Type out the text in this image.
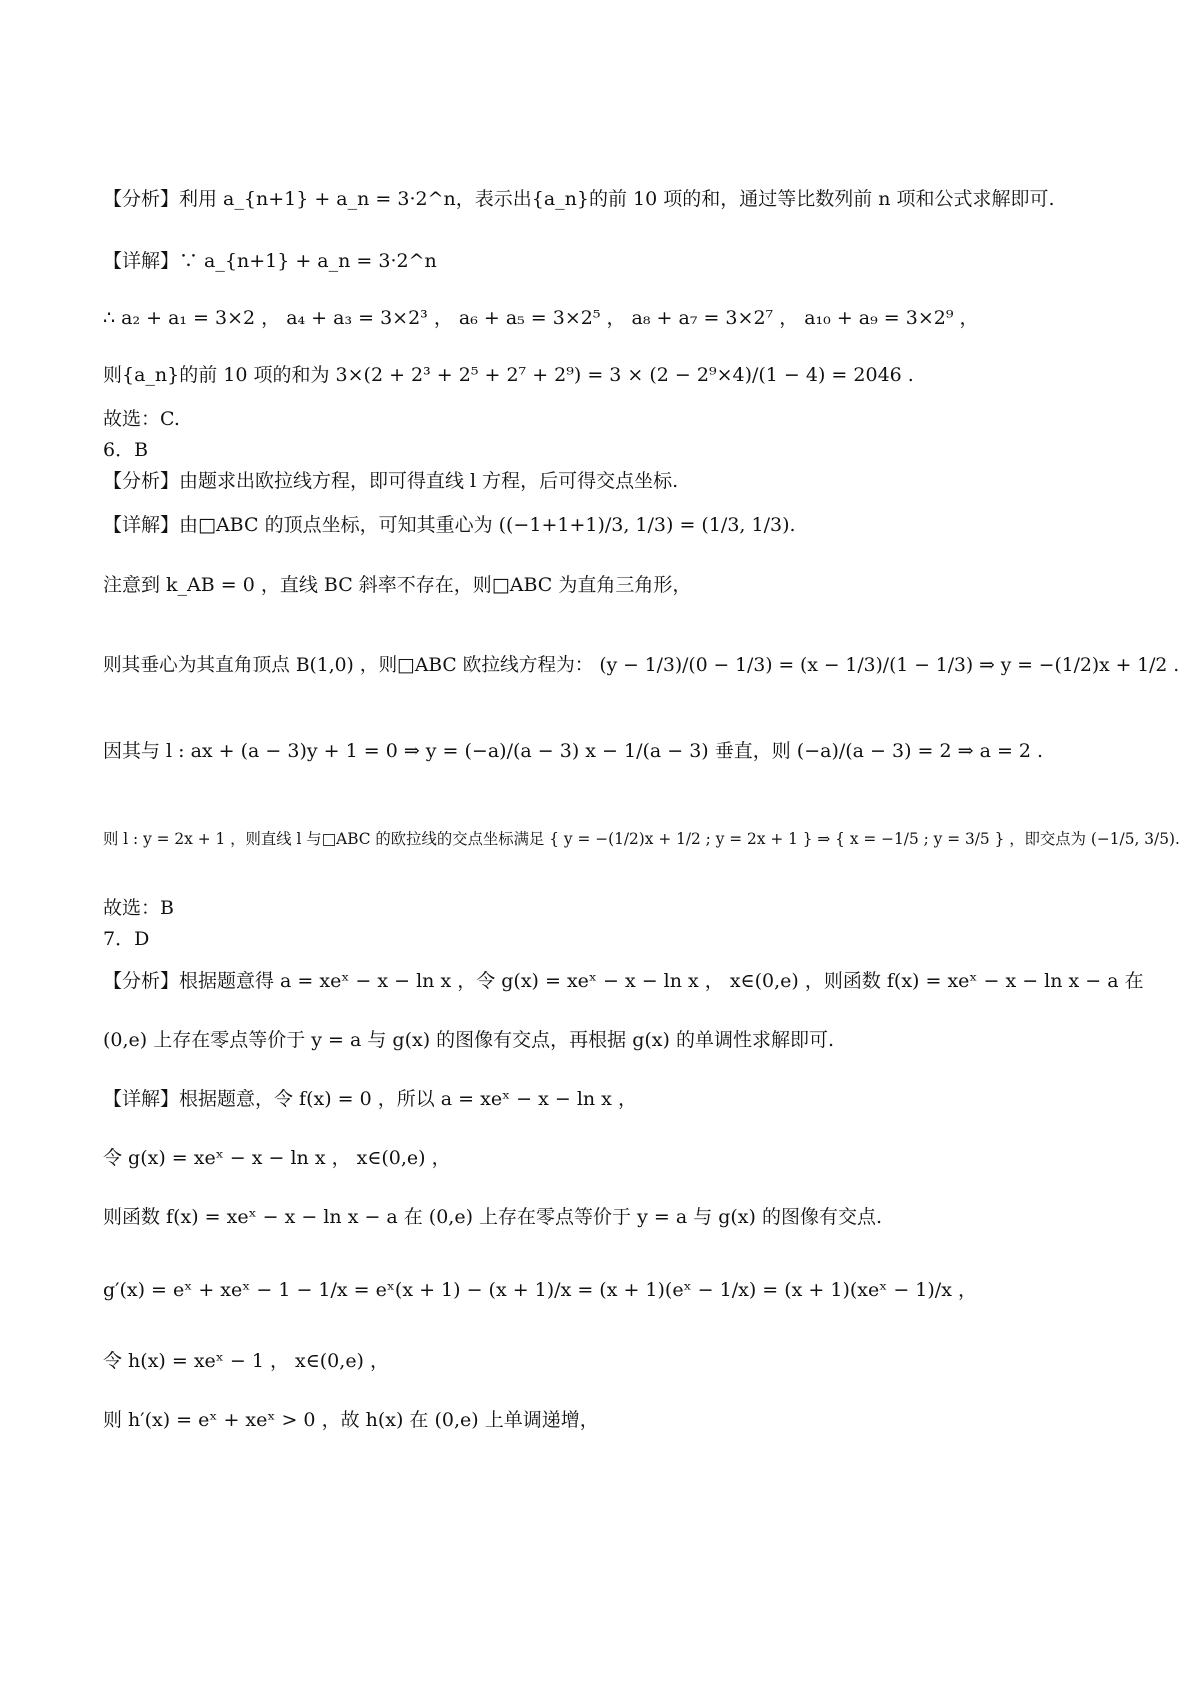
【分析】利用 a_{n+1} + a_n = 3·2^n，表示出{a_n}的前 10 项的和，通过等比数列前 n 项和公式求解即可.
【详解】∵ a_{n+1} + a_n = 3·2^n
∴ a₂ + a₁ = 3×2 ， a₄ + a₃ = 3×2³ ， a₆ + a₅ = 3×2⁵ ， a₈ + a₇ = 3×2⁷ ， a₁₀ + a₉ = 3×2⁹ ，
则{a_n}的前 10 项的和为 3×(2 + 2³ + 2⁵ + 2⁷ + 2⁹) = 3 × (2 − 2⁹×4)/(1 − 4) = 2046 .
故选：C.
6．B
【分析】由题求出欧拉线方程，即可得直线 l 方程，后可得交点坐标.
【详解】由□ABC 的顶点坐标，可知其重心为 ((−1+1+1)/3, 1/3) = (1/3, 1/3).
注意到 k_AB = 0 ，直线 BC 斜率不存在，则□ABC 为直角三角形，
则其垂心为其直角顶点 B(1,0) ，则□ABC 欧拉线方程为： (y − 1/3)/(0 − 1/3) = (x − 1/3)/(1 − 1/3) ⇒ y = −(1/2)x + 1/2 .
因其与 l : ax + (a − 3)y + 1 = 0 ⇒ y = (−a)/(a − 3) x − 1/(a − 3) 垂直，则 (−a)/(a − 3) = 2 ⇒ a = 2 .
则 l : y = 2x + 1 ，则直线 l 与□ABC 的欧拉线的交点坐标满足 { y = −(1/2)x + 1/2 ; y = 2x + 1 } ⇒ { x = −1/5 ; y = 3/5 } ，即交点为 (−1/5, 3/5).
故选：B
7．D
【分析】根据题意得 a = xeˣ − x − ln x ，令 g(x) = xeˣ − x − ln x ， x∈(0,e) ，则函数 f(x) = xeˣ − x − ln x − a 在
(0,e) 上存在零点等价于 y = a 与 g(x) 的图像有交点，再根据 g(x) 的单调性求解即可.
【详解】根据题意，令 f(x) = 0 ，所以 a = xeˣ − x − ln x ，
令 g(x) = xeˣ − x − ln x ， x∈(0,e) ，
则函数 f(x) = xeˣ − x − ln x − a 在 (0,e) 上存在零点等价于 y = a 与 g(x) 的图像有交点.
g′(x) = eˣ + xeˣ − 1 − 1/x = eˣ(x + 1) − (x + 1)/x = (x + 1)(eˣ − 1/x) = (x + 1)(xeˣ − 1)/x ，
令 h(x) = xeˣ − 1 ， x∈(0,e) ，
则 h′(x) = eˣ + xeˣ > 0 ，故 h(x) 在 (0,e) 上单调递增，
